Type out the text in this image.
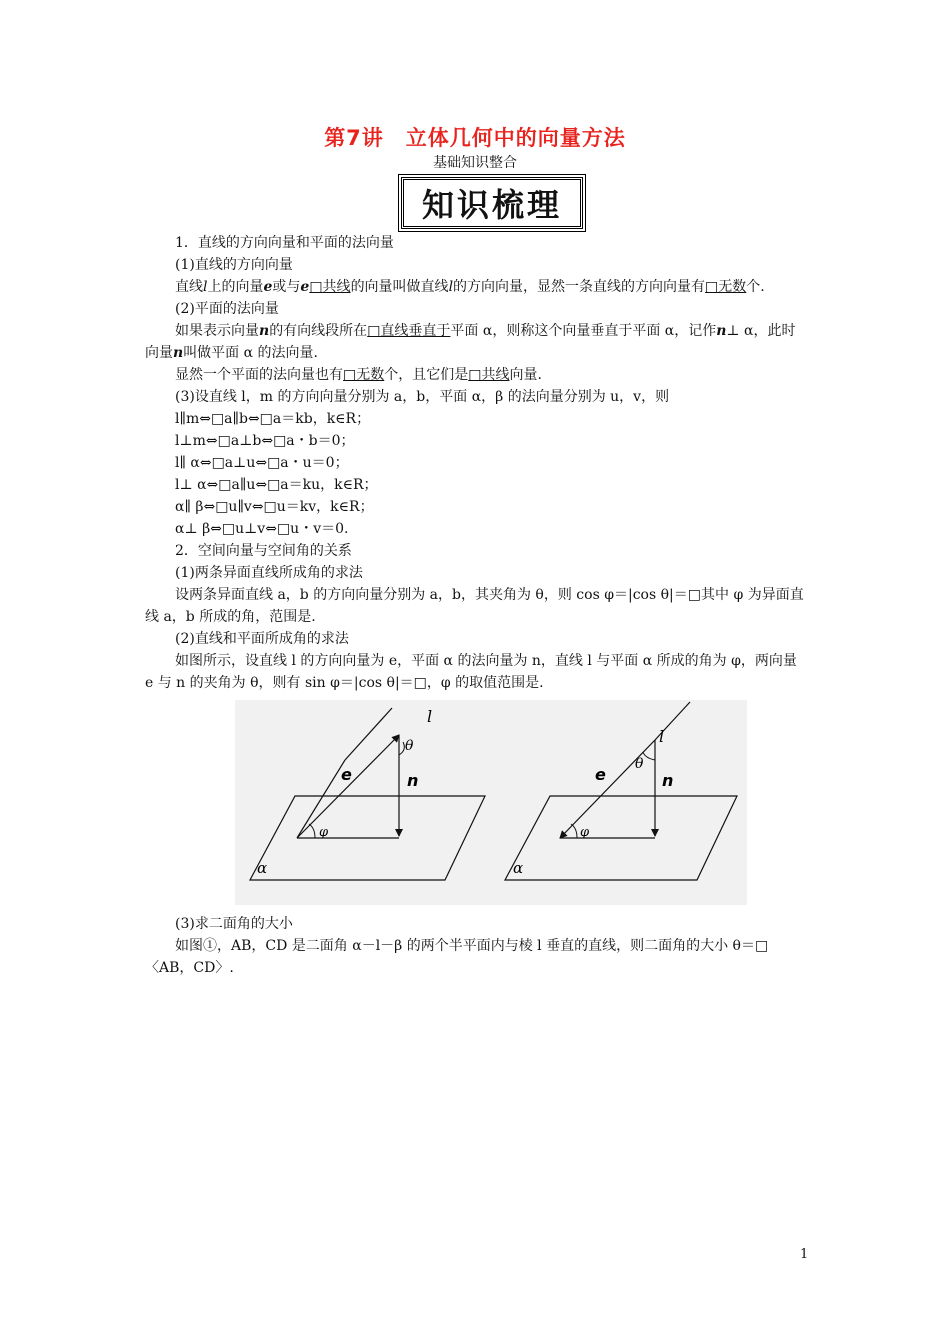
第7讲　立体几何中的向量方法
基础知识整合
知识梳理

1．直线的方向向量和平面的法向量

(1)直线的方向向量

直线l上的向量e或与e□共线的向量叫做直线l的方向向量，显然一条直线的方向向量有□无数个.

(2)平面的法向量

如果表示向量n的有向线段所在□直线垂直于平面 α，则称这个向量垂直于平面 α，记作n⊥ α，此时向量n叫做平面 α 的法向量.

显然一个平面的法向量也有□无数个，且它们是□共线向量.

(3)设直线 l，m 的方向向量分别为 a，b，平面 α，β 的法向量分别为 u，v，则

l∥m⇔□a∥b⇔□a＝kb，k∈R；

l⊥m⇔□a⊥b⇔□a・b＝0；

l∥ α⇔□a⊥u⇔□a・u＝0；

l⊥ α⇔□a∥u⇔□a＝ku，k∈R；

α∥ β⇔□u∥v⇔□u＝kv，k∈R；

α⊥ β⇔□u⊥v⇔□u・v＝0.

2．空间向量与空间角的关系

(1)两条异面直线所成角的求法

设两条异面直线 a，b 的方向向量分别为 a，b，其夹角为 θ，则 cos φ＝|cos θ|＝□其中 φ 为异面直线 a，b 所成的角，范围是.

(2)直线和平面所成角的求法

如图所示，设直线 l 的方向向量为 e，平面 α 的法向量为 n，直线 l 与平面 α 所成的角为 φ，两向量 e 与 n 的夹角为 θ，则有 sin φ＝|cos θ|＝□，φ 的取值范围是.

l
θ
e	n
φ
α
l
θ
e	n
φ
α

(3)求二面角的大小

如图①，AB，CD 是二面角 α－l－β 的两个半平面内与棱 l 垂直的直线，则二面角的大小 θ＝□〈AB，CD〉.

1
